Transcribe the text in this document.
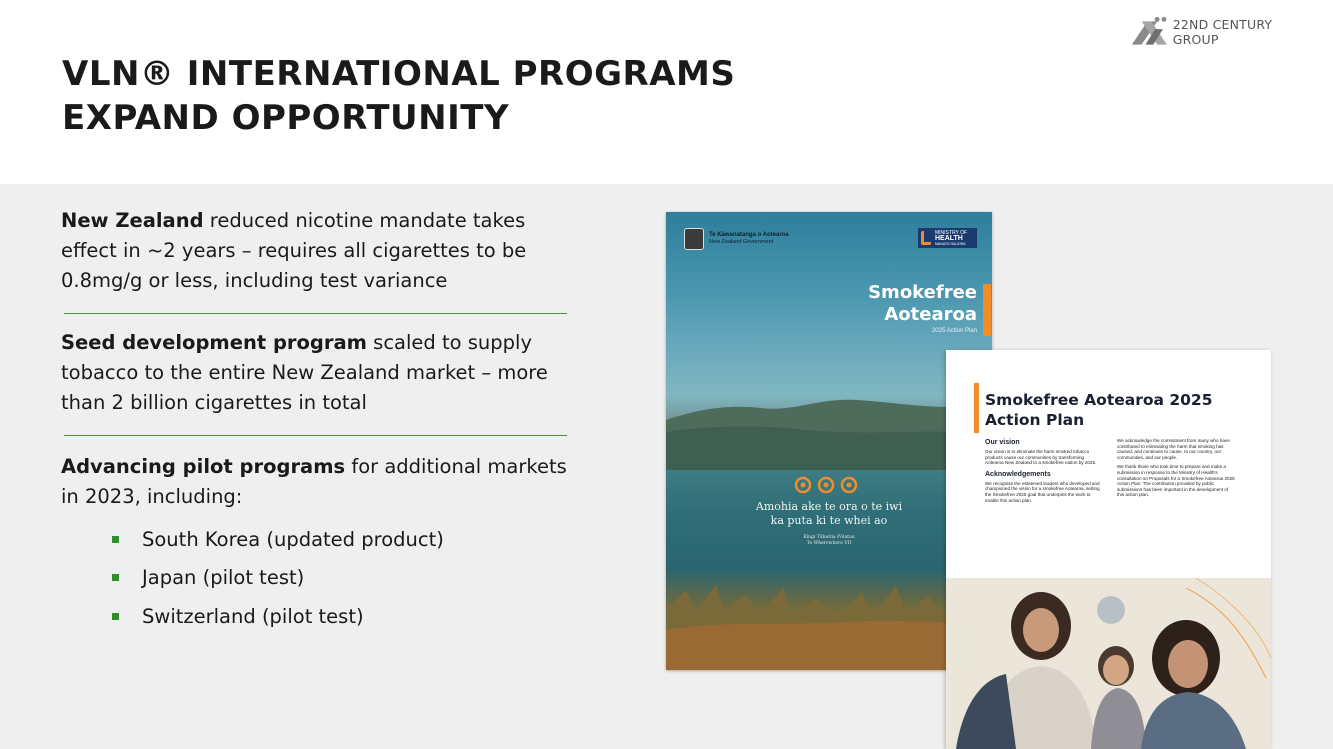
VLN® INTERNATIONAL PROGRAMS
EXPAND OPPORTUNITY
22ND CENTURY GROUP

New Zealand reduced nicotine mandate takes effect in ~2 years – requires all cigarettes to be 0.8mg/g or less, including test variance

Seed development program scaled to supply tobacco to the entire New Zealand market – more than 2 billion cigarettes in total

Advancing pilot programs for additional markets in 2023, including:

South Korea (updated product)
Japan (pilot test)
Switzerland (pilot test)
Te Kāwanatanga o Aotearoa
New Zealand Government
MINISTRY OF
HEALTH
MANATŪ HAUORA
Smokefree
Aotearoa
2025 Action Plan
Amohia ake te ora o te iwi
ka puta ki te whei ao
Kīngi Tūheitia Pōtatau
Te Wherowhero VII
Smokefree Aotearoa 2025
Action Plan
Our vision

Our vision is to eliminate the harm smoked tobacco products cause our communities by transforming Aotearoa New Zealand to a smokefree nation by 2025.

Acknowledgements

We recognise the esteemed leaders who developed and championed the vision for a smokefree Aotearoa, setting the Smokefree 2025 goal that underpins the work to enable this action plan.

We acknowledge the commitment from many who have contributed to eliminating the harm that smoking has caused, and continues to cause, to our country, our communities, and our people.

We thank those who took time to prepare and make a submission in response to the Ministry of Health's consultation on Proposals for a Smokefree Aotearoa 2025 Action Plan. The contribution provided by public submissions has been important in the development of this action plan.
